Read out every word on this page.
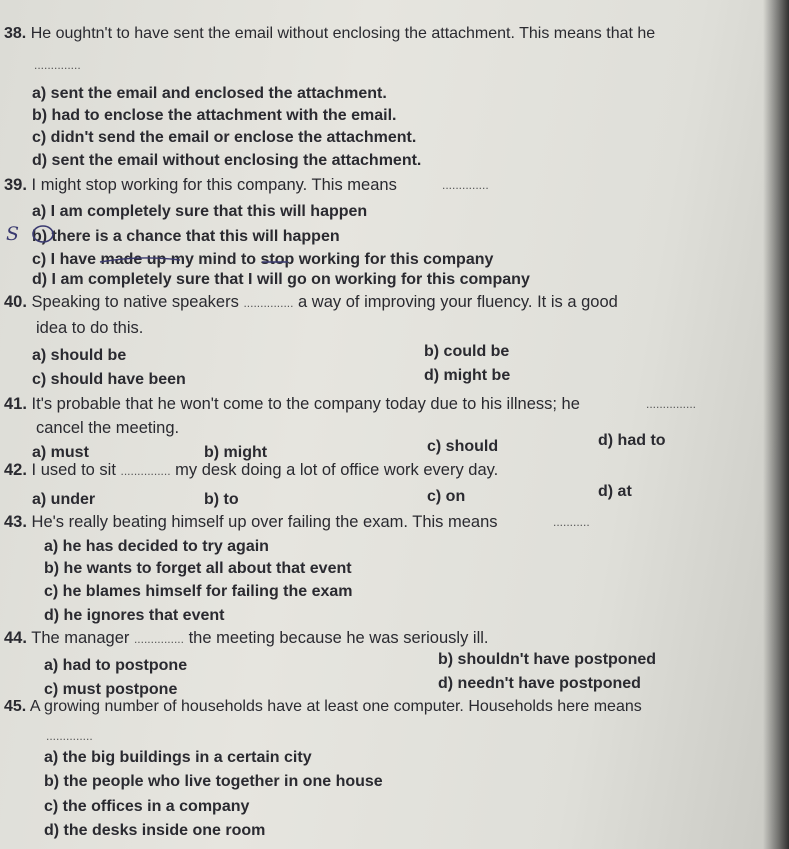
38. He oughtn't to have sent the email without enclosing the attachment. This means that he
..............
a) sent the email and enclosed the attachment.
b) had to enclose the attachment with the email.
c) didn't send the email or enclose the attachment.
d) sent the email without enclosing the attachment.
39. I might stop working for this company. This means	..............
a) I am completely sure that this will happen
b) there is a chance that this will happen
c) I have made up my mind to stop working for this company
d) I am completely sure that I will go on working for this company
S
40. Speaking to native speakers ............... a way of improving your fluency. It is a good
idea to do this.
a) should be	b) could be
c) should have been	d) might be
41. It's probable that he won't come to the company today due to his illness; he	...............
cancel the meeting.
a) must	b) might	c) should	d) had to
42. I used to sit ............... my desk doing a lot of office work every day.
a) under	b) to	c) on	d) at
43. He's really beating himself up over failing the exam. This means	...........
a) he has decided to try again
b) he wants to forget all about that event
c) he blames himself for failing the exam
d) he ignores that event
44. The manager ............... the meeting because he was seriously ill.
a) had to postpone	b) shouldn't have postponed
c) must postpone	d) needn't have postponed
45. A growing number of households have at least one computer. Households here means
..............
a) the big buildings in a certain city
b) the people who live together in one house
c) the offices in a company
d) the desks inside one room
